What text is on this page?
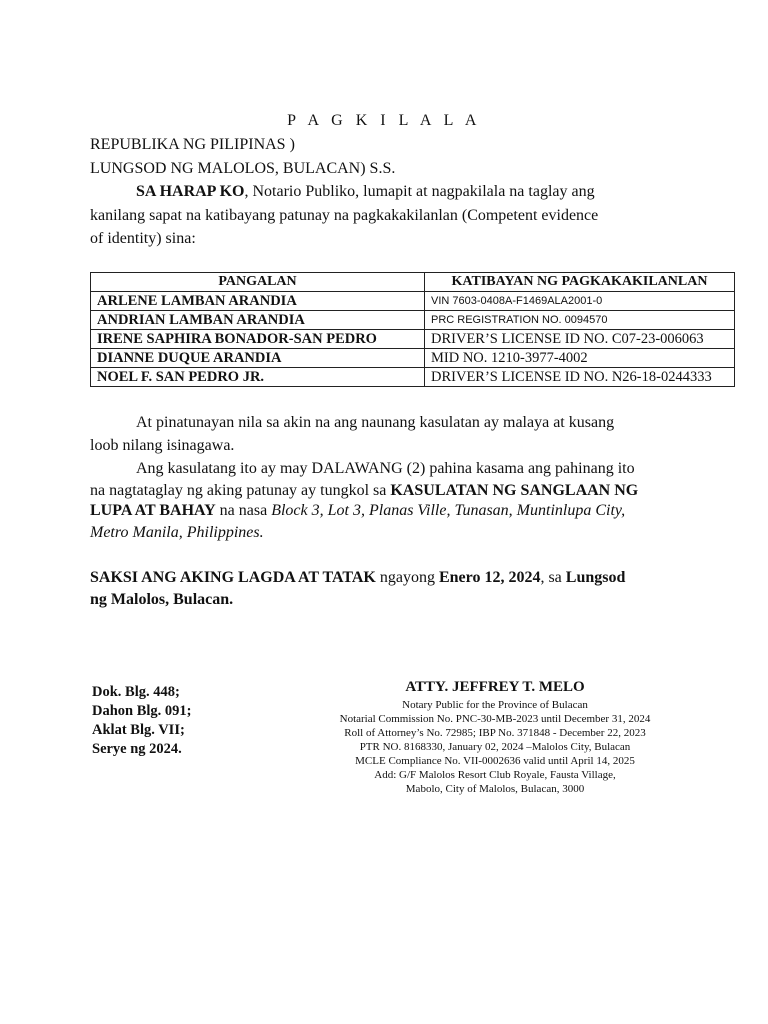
P A G K I L A L A
REPUBLIKA NG PILIPINAS )
LUNGSOD NG MALOLOS, BULACAN) S.S.
SA HARAP KO, Notario Publiko, lumapit at nagpakilala na taglay ang
kanilang sapat na katibayang patunay na pagkakakilanlan (Competent evidence
of identity) sina:
PANGALAN	KATIBAYAN NG PAGKAKAKILANLAN
ARLENE LAMBAN ARANDIA	VIN 7603-0408A-F1469ALA2001-0
ANDRIAN LAMBAN ARANDIA	PRC REGISTRATION NO. 0094570
IRENE SAPHIRA BONADOR-SAN PEDRO	DRIVER’S LICENSE ID NO. C07-23-006063
DIANNE DUQUE ARANDIA	MID NO. 1210-3977-4002
NOEL F. SAN PEDRO JR.	DRIVER’S LICENSE ID NO. N26-18-0244333
At pinatunayan nila sa akin na ang naunang kasulatan ay malaya at kusang
loob nilang isinagawa.
Ang kasulatang ito ay may DALAWANG (2) pahina kasama ang pahinang ito
na nagtataglay ng aking patunay ay tungkol sa KASULATAN NG SANGLAAN NG
LUPA AT BAHAY na nasa Block 3, Lot 3, Planas Ville, Tunasan, Muntinlupa City,
Metro Manila, Philippines.
SAKSI ANG AKING LAGDA AT TATAK ngayong Enero 12, 2024, sa Lungsod
ng Malolos, Bulacan.
Dok. Blg. 448;
Dahon Blg. 091;
Aklat Blg. VII;
Serye ng 2024.
ATTY. JEFFREY T. MELO
Notary Public for the Province of Bulacan
Notarial Commission No. PNC-30-MB-2023 until December 31, 2024
Roll of Attorney’s No. 72985; IBP No. 371848 - December 22, 2023
PTR NO. 8168330, January 02, 2024 –Malolos City, Bulacan
MCLE Compliance No. VII-0002636 valid until April 14, 2025
Add: G/F Malolos Resort Club Royale, Fausta Village,
Mabolo, City of Malolos, Bulacan, 3000
